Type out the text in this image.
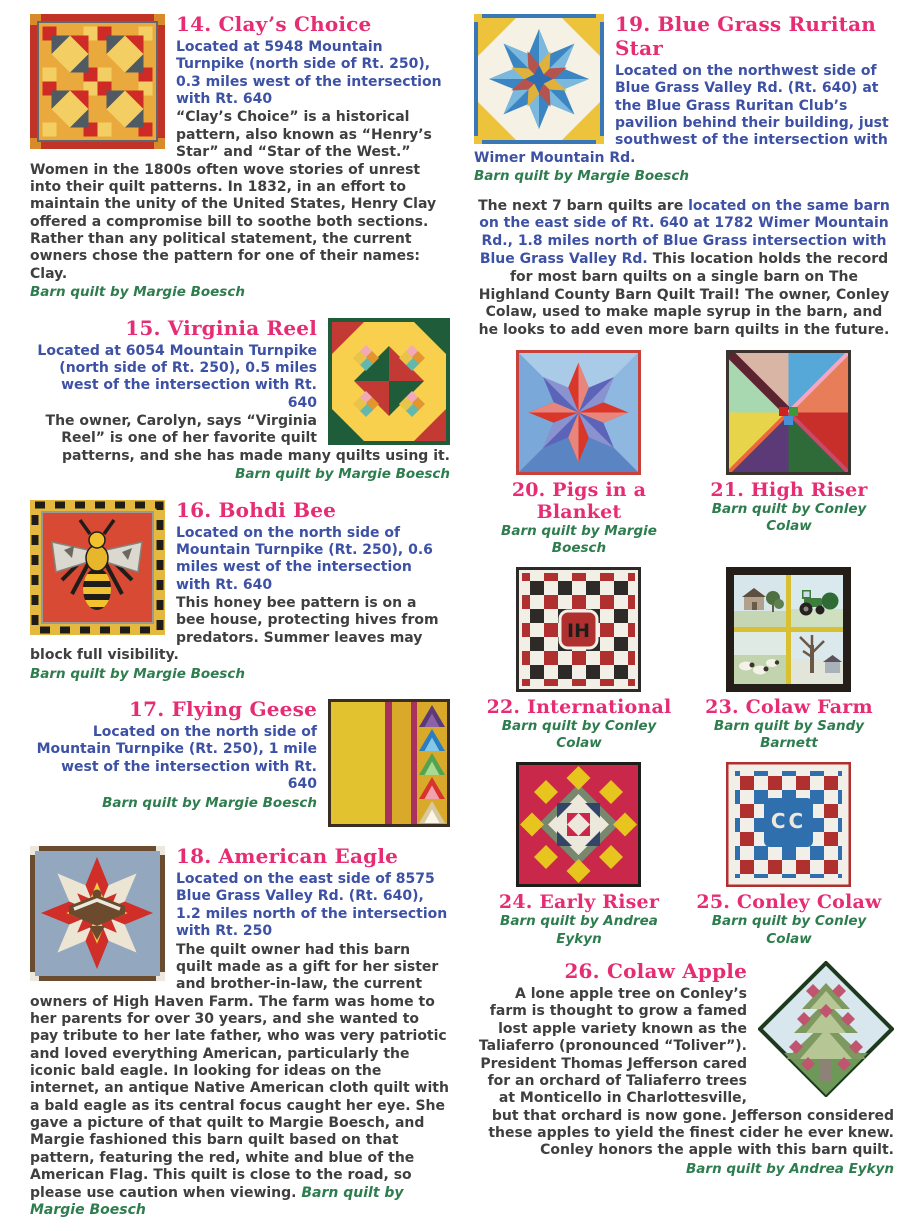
14. Clay’s Choice
Located at 5948 Mountain Turnpike (north side of Rt. 250), 0.3 miles west of the intersection with Rt. 640
“Clay’s Choice” is a historical pattern, also known as “Henry’s Star” and “Star of the West.” Women in the 1800s often wove stories of unrest into their quilt patterns. In 1832, in an effort to maintain the unity of the United States, Henry Clay offered a compromise bill to soothe both sections. Rather than any political statement, the current owners chose the pattern for one of their names: Clay.
Barn quilt by Margie Boesch
15. Virginia Reel
Located at 6054 Mountain Turnpike (north side of Rt. 250), 0.5 miles west of the intersection with Rt. 640
The owner, Carolyn, says “Virginia Reel” is one of her favorite quilt patterns, and she has made many quilts using it.
Barn quilt by Margie Boesch
16. Bohdi Bee
Located on the north side of Mountain Turnpike (Rt. 250), 0.6 miles west of the intersection with Rt. 640
This honey bee pattern is on a bee house, protecting hives from predators. Summer leaves may block full visibility.
Barn quilt by Margie Boesch
17. Flying Geese
Located on the north side of Mountain Turnpike (Rt. 250), 1 mile west of the intersection with Rt. 640
Barn quilt by Margie Boesch
18. American Eagle
Located on the east side of 8575 Blue Grass Valley Rd. (Rt. 640), 1.2 miles north of the intersection with Rt. 250
The quilt owner had this barn quilt made as a gift for her sister and brother-in-law, the current owners of High Haven Farm. The farm was home to her parents for over 30 years, and she wanted to pay tribute to her late father, who was very patriotic and loved everything American, particularly the iconic bald eagle. In looking for ideas on the internet, an antique Native American cloth quilt with a bald eagle as its central focus caught her eye. She gave a picture of that quilt to Margie Boesch, and Margie fashioned this barn quilt based on that pattern, featuring the red, white and blue of the American Flag. This quilt is close to the road, so please use caution when viewing. Barn quilt by Margie Boesch
19. Blue Grass Ruritan Star
Located on the northwest side of Blue Grass Valley Rd. (Rt. 640) at the Blue Grass Ruritan Club’s pavilion behind their building, just southwest of the intersection with Wimer Mountain Rd.
Barn quilt by Margie Boesch
The next 7 barn quilts are located on the same barn on the east side of Rt. 640 at 1782 Wimer Mountain Rd., 1.8 miles north of Blue Grass intersection with Blue Grass Valley Rd. This location holds the record for most barn quilts on a single barn on The Highland County Barn Quilt Trail! The owner, Conley Colaw, used to make maple syrup in the barn, and he looks to add even more barn quilts in the future.
20. Pigs in a Blanket
Barn quilt by Margie Boesch
21. High Riser
Barn quilt by Conley Colaw
IH
22. International
Barn quilt by Conley Colaw
23. Colaw Farm
Barn quilt by Sandy Barnett
24. Early Riser
Barn quilt by Andrea Eykyn
CC
25. Conley Colaw
Barn quilt by Conley Colaw
26. Colaw Apple
A lone apple tree on Conley’s farm is thought to grow a famed lost apple variety known as the Taliaferro (pronounced “Toliver”). President Thomas Jefferson cared for an orchard of Taliaferro trees at Monticello in Charlottesville, but that orchard is now gone. Jefferson considered these apples to yield the finest cider he ever knew. Conley honors the apple with this barn quilt.
Barn quilt by Andrea Eykyn
